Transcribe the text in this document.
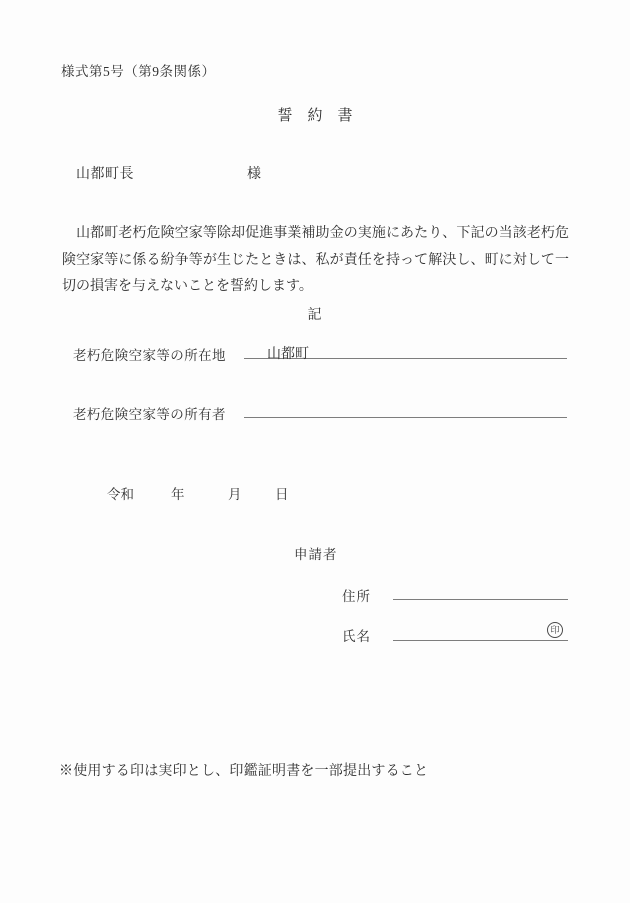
様式第5号（第9条関係）
誓　約　書
山都町長	様
　山都町老朽危険空家等除却促進事業補助金の実施にあたり、下記の当該老朽危険空家等に係る紛争等が生じたときは、私が責任を持って解決し、町に対して一切の損害を与えないことを誓約します。
記
老朽危険空家等の所在地	山都町
老朽危険空家等の所有者
令和	年	月 日
申請者
住所
氏名	印
※使用する印は実印とし、印鑑証明書を一部提出すること
